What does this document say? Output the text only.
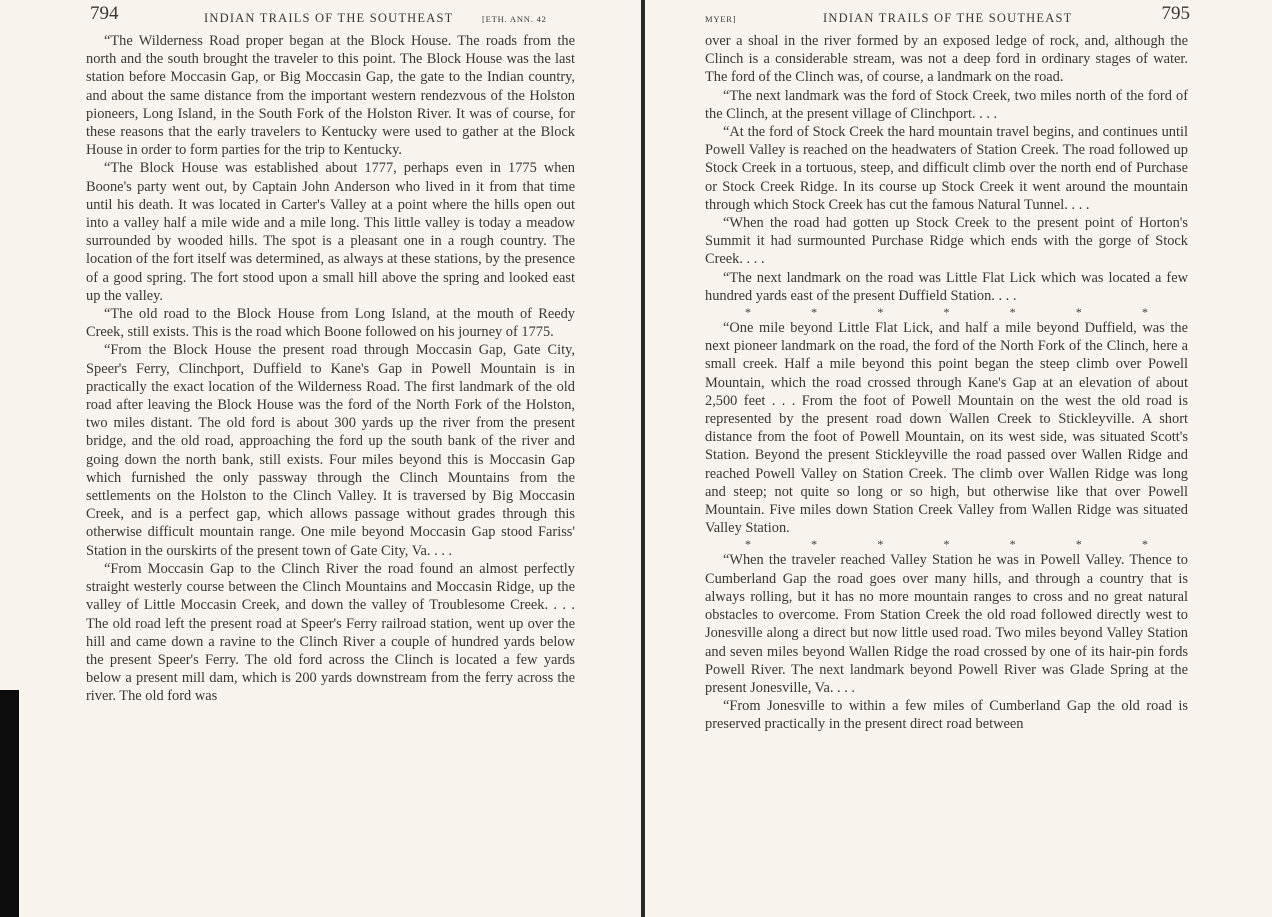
794	INDIAN TRAILS OF THE SOUTHEAST	[ETH. ANN. 42

“The Wilderness Road proper began at the Block House. The roads from the north and the south brought the traveler to this point. The Block House was the last station before Moccasin Gap, or Big Moccasin Gap, the gate to the Indian country, and about the same distance from the important western rendezvous of the Holston pioneers, Long Island, in the South Fork of the Holston River. It was of course, for these reasons that the early travelers to Kentucky were used to gather at the Block House in order to form parties for the trip to Kentucky.

“The Block House was established about 1777, perhaps even in 1775 when Boone's party went out, by Captain John Anderson who lived in it from that time until his death. It was located in Carter's Valley at a point where the hills open out into a valley half a mile wide and a mile long. This little valley is today a meadow surrounded by wooded hills. The spot is a pleasant one in a rough country. The location of the fort itself was determined, as always at these stations, by the presence of a good spring. The fort stood upon a small hill above the spring and looked east up the valley.

“The old road to the Block House from Long Island, at the mouth of Reedy Creek, still exists. This is the road which Boone followed on his journey of 1775.

“From the Block House the present road through Moccasin Gap, Gate City, Speer's Ferry, Clinchport, Duffield to Kane's Gap in Powell Mountain is in practically the exact location of the Wilderness Road. The first landmark of the old road after leaving the Block House was the ford of the North Fork of the Holston, two miles distant. The old ford is about 300 yards up the river from the present bridge, and the old road, approaching the ford up the south bank of the river and going down the north bank, still exists. Four miles beyond this is Moccasin Gap which furnished the only passway through the Clinch Mountains from the settlements on the Holston to the Clinch Valley. It is traversed by Big Moccasin Creek, and is a perfect gap, which allows passage without grades through this otherwise difficult mountain range. One mile beyond Moccasin Gap stood Fariss' Station in the ourskirts of the present town of Gate City, Va. . . .

“From Moccasin Gap to the Clinch River the road found an almost perfectly straight westerly course between the Clinch Mountains and Moccasin Ridge, up the valley of Little Moccasin Creek, and down the valley of Troublesome Creek. . . . The old road left the present road at Speer's Ferry railroad station, went up over the hill and came down a ravine to the Clinch River a couple of hundred yards below the present Speer's Ferry. The old ford across the Clinch is located a few yards below a present mill dam, which is 200 yards downstream from the ferry across the river. The old ford was

MYER]	INDIAN TRAILS OF THE SOUTHEAST	795

over a shoal in the river formed by an exposed ledge of rock, and, although the Clinch is a considerable stream, was not a deep ford in ordinary stages of water. The ford of the Clinch was, of course, a landmark on the road.

“The next landmark was the ford of Stock Creek, two miles north of the ford of the Clinch, at the present village of Clinchport. . . .

“At the ford of Stock Creek the hard mountain travel begins, and continues until Powell Valley is reached on the headwaters of Station Creek. The road followed up Stock Creek in a tortuous, steep, and difficult climb over the north end of Purchase or Stock Creek Ridge. In its course up Stock Creek it went around the mountain through which Stock Creek has cut the famous Natural Tunnel. . . .

“When the road had gotten up Stock Creek to the present point of Horton's Summit it had surmounted Purchase Ridge which ends with the gorge of Stock Creek. . . .

“The next landmark on the road was Little Flat Lick which was located a few hundred yards east of the present Duffield Station. . . .

*	*	*	*	*	*	*

“One mile beyond Little Flat Lick, and half a mile beyond Duffield, was the next pioneer landmark on the road, the ford of the North Fork of the Clinch, here a small creek. Half a mile beyond this point began the steep climb over Powell Mountain, which the road crossed through Kane's Gap at an elevation of about 2,500 feet . . . From the foot of Powell Mountain on the west the old road is represented by the present road down Wallen Creek to Stickleyville. A short distance from the foot of Powell Mountain, on its west side, was situated Scott's Station. Beyond the present Stickleyville the road passed over Wallen Ridge and reached Powell Valley on Station Creek. The climb over Wallen Ridge was long and steep; not quite so long or so high, but otherwise like that over Powell Mountain. Five miles down Station Creek Valley from Wallen Ridge was situated Valley Station.

*	*	*	*	*	*	*

“When the traveler reached Valley Station he was in Powell Valley. Thence to Cumberland Gap the road goes over many hills, and through a country that is always rolling, but it has no more mountain ranges to cross and no great natural obstacles to overcome. From Station Creek the old road followed directly west to Jonesville along a direct but now little used road. Two miles beyond Valley Station and seven miles beyond Wallen Ridge the road crossed by one of its hair-pin fords Powell River. The next landmark beyond Powell River was Glade Spring at the present Jonesville, Va. . . .

“From Jonesville to within a few miles of Cumberland Gap the old road is preserved practically in the present direct road between
